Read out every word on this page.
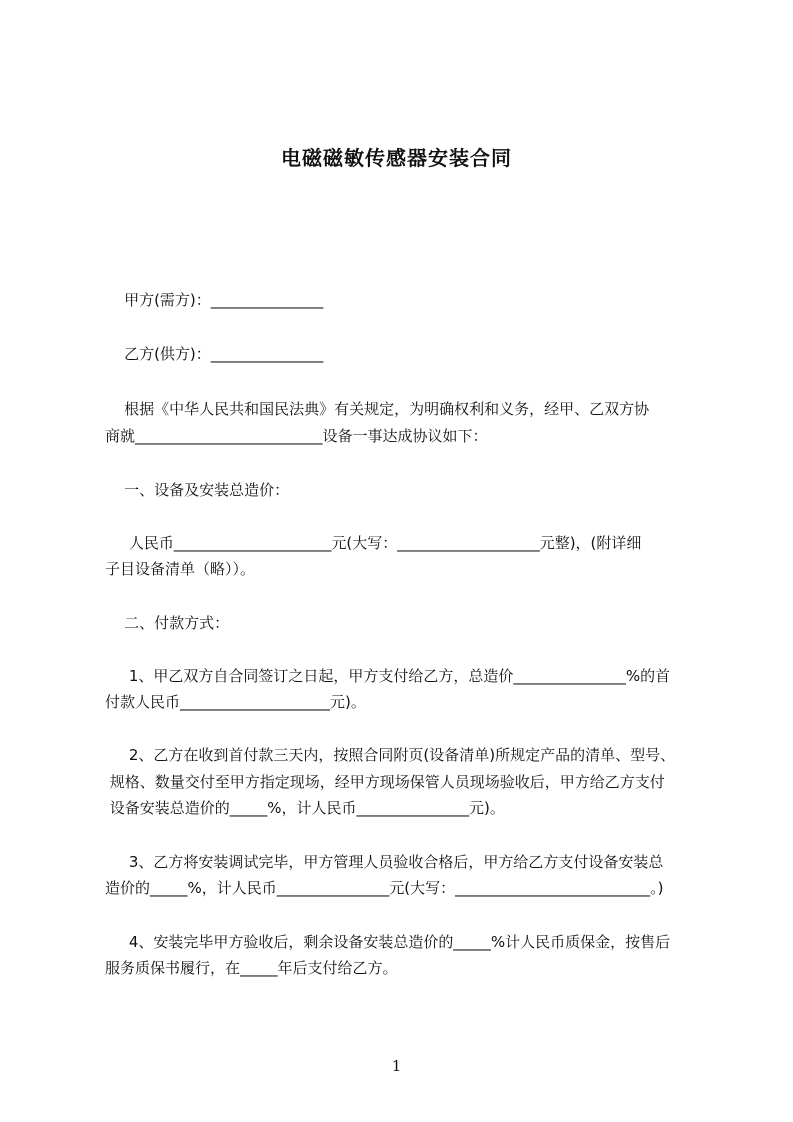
电磁磁敏传感器安装合同
甲方(需方)：_______________
乙方(供方)：_______________
根据《中华人民共和国民法典》有关规定，为明确权利和义务，经甲、乙双方协
商就_________________________设备一事达成协议如下：
一、设备及安装总造价：
人民币_____________________元(大写：___________________元整)，(附详细
子目设备清单（略））。
二、付款方式：
1、甲乙双方自合同签订之日起，甲方支付给乙方，总造价_______________%的首
付款人民币____________________元)。
2、乙方在收到首付款三天内，按照合同附页(设备清单)所规定产品的清单、型号、
规格、数量交付至甲方指定现场，经甲方现场保管人员现场验收后，甲方给乙方支付
设备安装总造价的_____%，计人民币_______________元)。
3、乙方将安装调试完毕，甲方管理人员验收合格后，甲方给乙方支付设备安装总
造价的_____%，计人民币_______________元(大写：__________________________。)
4、安装完毕甲方验收后，剩余设备安装总造价的_____%计人民币质保金，按售后
服务质保书履行，在_____年后支付给乙方。
1
